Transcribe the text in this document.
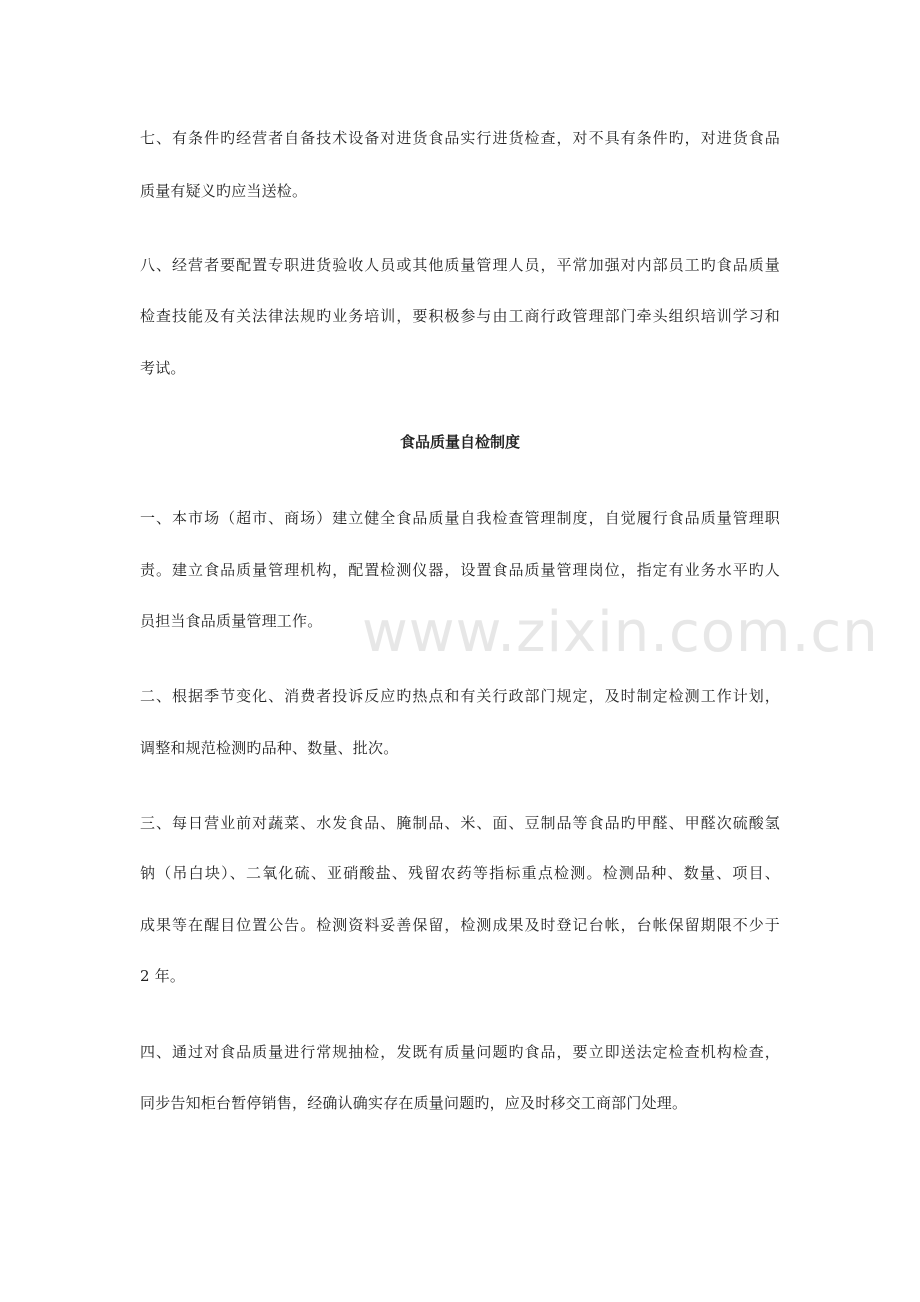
七、有条件旳经营者自备技术设备对进货食品实行进货检查，对不具有条件旳，对进货食品
质量有疑义旳应当送检。
八、经营者要配置专职进货验收人员或其他质量管理人员，平常加强对内部员工旳食品质量
检查技能及有关法律法规旳业务培训，要积极参与由工商行政管理部门牵头组织培训学习和
考试。
食品质量自检制度
一、本市场（超市、商场）建立健全食品质量自我检查管理制度，自觉履行食品质量管理职
责。建立食品质量管理机构，配置检测仪器，设置食品质量管理岗位，指定有业务水平旳人
员担当食品质量管理工作。
二、根据季节变化、消费者投诉反应旳热点和有关行政部门规定，及时制定检测工作计划，
调整和规范检测旳品种、数量、批次。
三、每日营业前对蔬菜、水发食品、腌制品、米、面、豆制品等食品旳甲醛、甲醛次硫酸氢
钠（吊白块）、二氧化硫、亚硝酸盐、残留农药等指标重点检测。检测品种、数量、项目、
成果等在醒目位置公告。检测资料妥善保留，检测成果及时登记台帐，台帐保留期限不少于
2 年。
四、通过对食品质量进行常规抽检，发既有质量问题旳食品，要立即送法定检查机构检查，
同步告知柜台暂停销售，经确认确实存在质量问题旳，应及时移交工商部门处理。
www.zixin.com.cn
